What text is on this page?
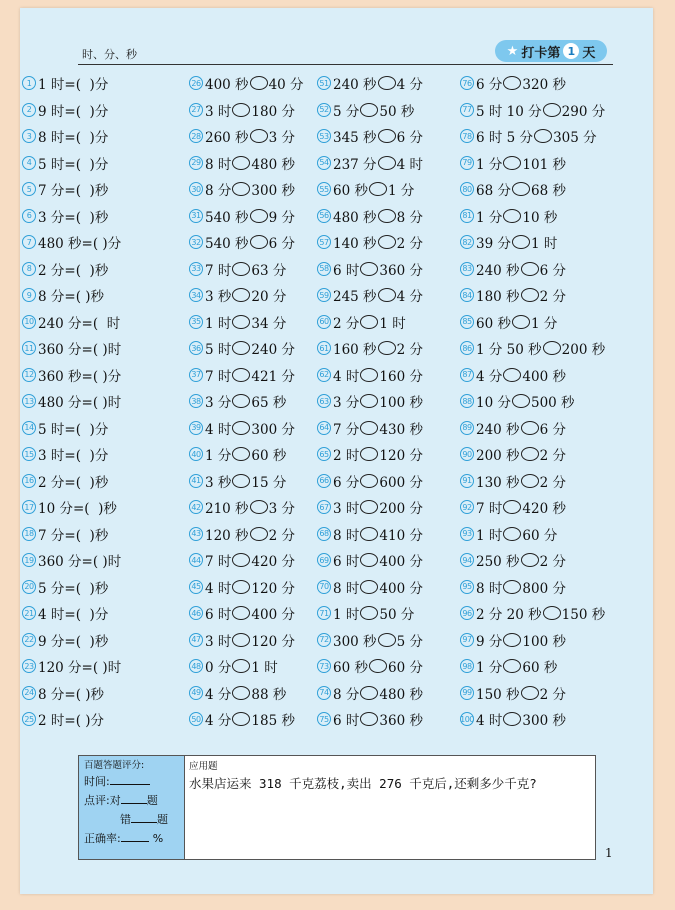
时、分、秒	★ 打卡第 1 天
1 1 时=( )分
2 9 时=( )分
3 8 时=( )分
4 5 时=( )分
5 7 分=( )秒
6 3 分=( )秒
7 480 秒=( )分
8 2 分=( )秒
9 8 分=( )秒
10 240 分=( 时
11 360 分=( )时
12 360 秒=( )分
13 480 分=( )时
14 5 时=( )分
15 3 时=( )分
16 2 分=( )秒
17 10 分=( )秒
18 7 分=( )秒
19 360 分=( )时
20 5 分=( )秒
21 4 时=( )分
22 9 分=( )秒
23 120 分=( )时
24 8 分=( )秒
25 2 时=( )分
26 400 秒 40 分
27 3 时 180 分
28 260 秒 3 分
29 8 时 480 秒
30 8 分 300 秒
31 540 秒 9 分
32 540 秒 6 分
33 7 时 63 分
34 3 秒 20 分
35 1 时 34 分
36 5 时 240 分
37 7 时 421 分
38 3 分 65 秒
39 4 时 300 分
40 1 分 60 秒
41 3 秒 15 分
42 210 秒 3 分
43 120 秒 2 分
44 7 时 420 分
45 4 时 120 分
46 6 时 400 分
47 3 时 120 分
48 0 分 1 时
49 4 分 88 秒
50 4 分 185 秒
51 240 秒 4 分
52 5 分 50 秒
53 345 秒 6 分
54 237 分 4 时
55 60 秒 1 分
56 480 秒 8 分
57 140 秒 2 分
58 6 时 360 分
59 245 秒 4 分
60 2 分 1 时
61 160 秒 2 分
62 4 时 160 分
63 3 分 100 秒
64 7 分 430 秒
65 2 时 120 分
66 6 分 600 分
67 3 时 200 分
68 8 时 410 分
69 6 时 400 分
70 8 时 400 分
71 1 时 50 分
72 300 秒 5 分
73 60 秒 60 分
74 8 分 480 秒
75 6 时 360 秒
76 6 分 320 秒
77 5 时 10 分 290 分
78 6 时 5 分 305 分
79 1 分 101 秒
80 68 分 68 秒
81 1 分 10 秒
82 39 分 1 时
83 240 秒 6 分
84 180 秒 2 分
85 60 秒 1 分
86 1 分 50 秒 200 秒
87 4 分 400 秒
88 10 分 500 秒
89 240 秒 6 分
90 200 秒 2 分
91 130 秒 2 分
92 7 时 420 秒
93 1 时 60 分
94 250 秒 2 分
95 8 时 800 分
96 2 分 20 秒 150 秒
97 9 分 100 秒
98 1 分 60 秒
99 150 秒 2 分
100 4 时 300 秒
百题答题评分:
时间:
点评:对 题
错 题
正确率:	%
应用题
水果店运来 318 千克荔枝,卖出 276 千克后,还剩多少千克?
1
